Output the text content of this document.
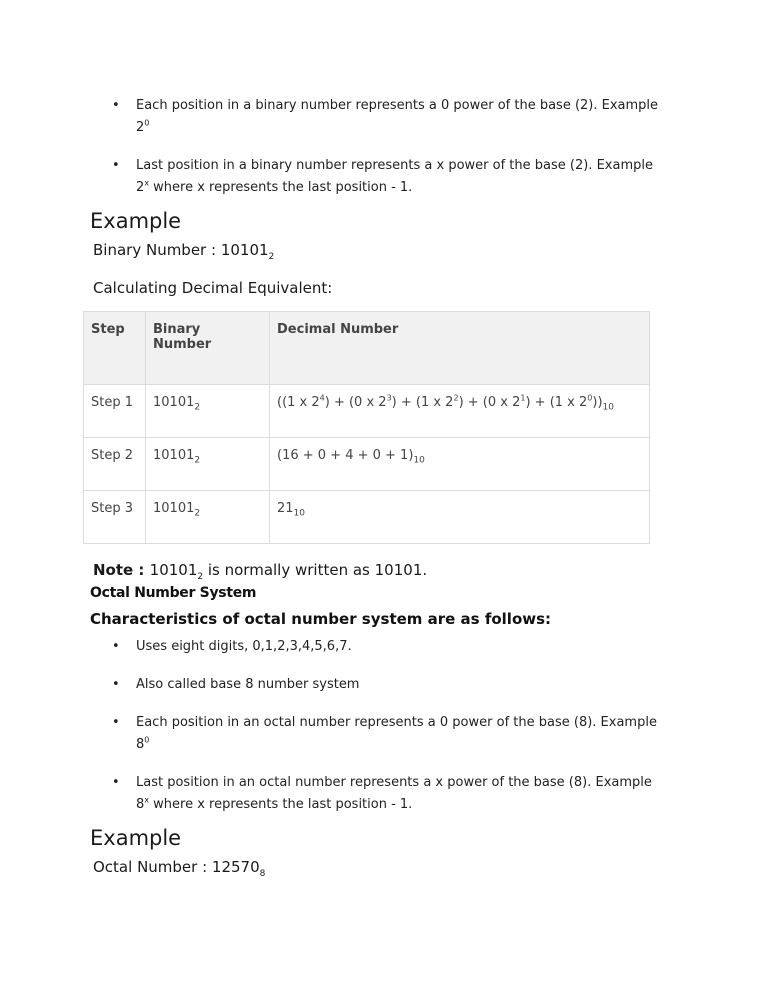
• Each position in a binary number represents a 0 power of the base (2). Example
$2^0$
• Last position in a binary number represents a x power of the base (2). Example
2$^x$ where x represents the last position - 1.
Example

Binary Number : $10101_2$

Calculating Decimal Equivalent:

Step	Binary Number	Decimal Number
Step 1	$10101_2$	((1 x $2^4) + (0$ x $2^3) + (1$ x $2^2) + (0$ x $2^1) + (1$ x $2^0))_{10}$
Step 2	$10101_2$	$(16 + 0 + 4 + 0 + 1)_{10}$
Step 3	$10101_2$	$21_{10}$

Note : $10101_2$ is normally written as 10101.

Octal Number System
Characteristics of octal number system are as follows:
• Uses eight digits, 0,1,2,3,4,5,6,7.
• Also called base 8 number system
• Each position in an octal number represents a 0 power of the base (8). Example
$8^0$
• Last position in an octal number represents a x power of the base (8). Example
8$^x$ where x represents the last position - 1.
Example

Octal Number : $12570_8$
